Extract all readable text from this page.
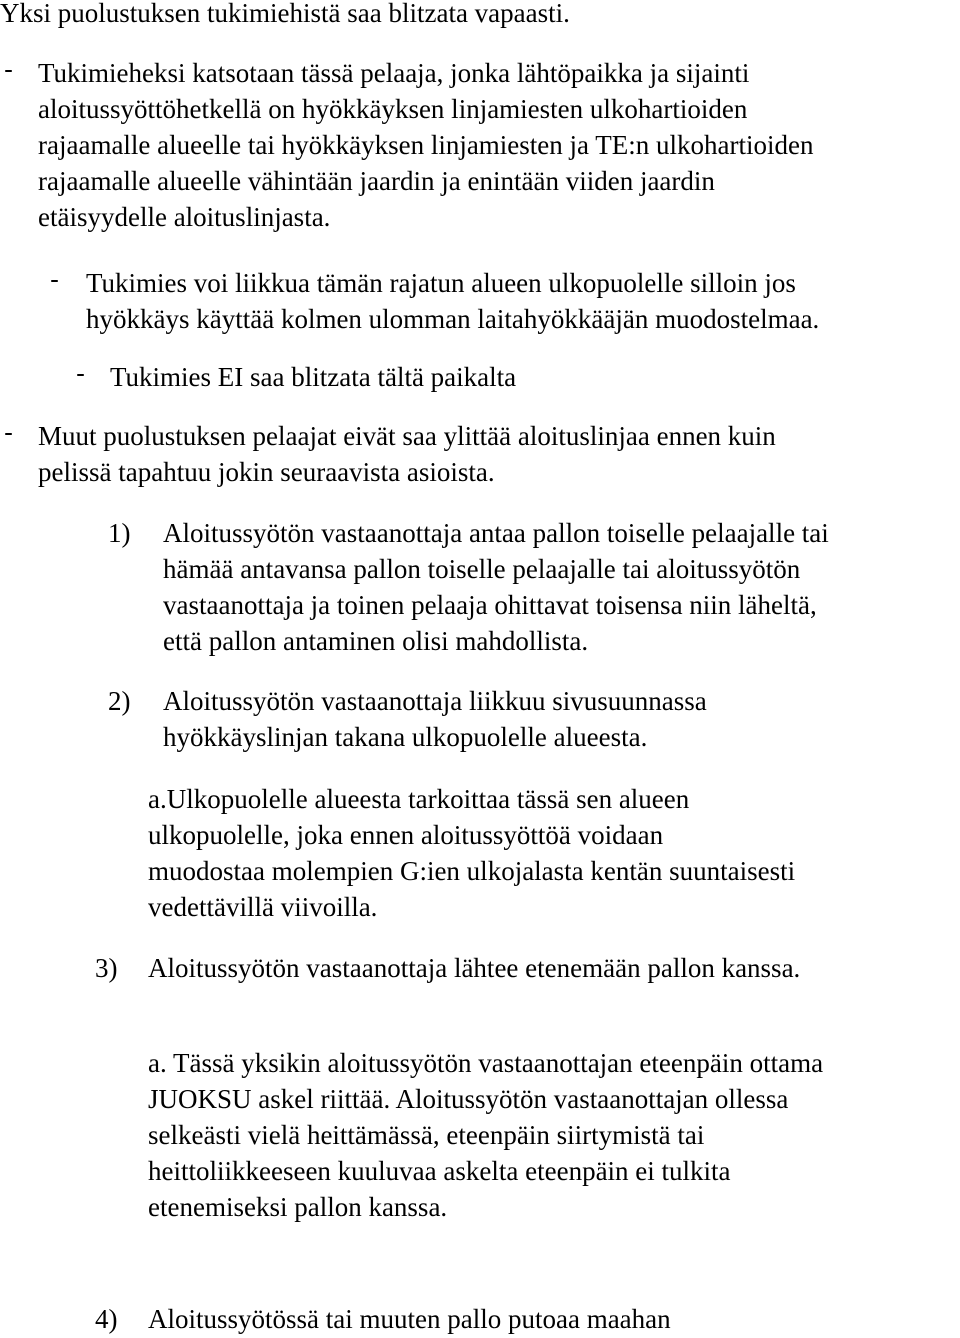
Yksi puolustuksen tukimiehistä saa blitzata vapaasti.
- Tukimieheksi katsotaan tässä pelaaja, jonka lähtöpaikka ja sijainti
aloitussyöttöhetkellä on hyökkäyksen linjamiesten ulkohartioiden
rajaamalle alueelle tai hyökkäyksen linjamiesten ja TE:n ulkohartioiden
rajaamalle alueelle vähintään jaardin ja enintään viiden jaardin
etäisyydelle aloituslinjasta.
- Tukimies voi liikkua tämän rajatun alueen ulkopuolelle silloin jos
hyökkäys käyttää kolmen ulomman laitahyökkääjän muodostelmaa.
- Tukimies EI saa blitzata tältä paikalta
- Muut puolustuksen pelaajat eivät saa ylittää aloituslinjaa ennen kuin
pelissä tapahtuu jokin seuraavista asioista.
1) Aloitussyötön vastaanottaja antaa pallon toiselle pelaajalle tai
hämää antavansa pallon toiselle pelaajalle tai aloitussyötön
vastaanottaja ja toinen pelaaja ohittavat toisensa niin läheltä,
että pallon antaminen olisi mahdollista.
2) Aloitussyötön vastaanottaja liikkuu sivusuunnassa
hyökkäyslinjan takana ulkopuolelle alueesta.
a.Ulkopuolelle alueesta tarkoittaa tässä sen alueen
ulkopuolelle, joka ennen aloitussyöttöä voidaan
muodostaa molempien G:ien ulkojalasta kentän suuntaisesti
vedettävillä viivoilla.
3) Aloitussyötön vastaanottaja lähtee etenemään pallon kanssa.
a. Tässä yksikin aloitussyötön vastaanottajan eteenpäin ottama
JUOKSU askel riittää. Aloitussyötön vastaanottajan ollessa
selkeästi vielä heittämässä, eteenpäin siirtymistä tai
heittoliikkeeseen kuuluvaa askelta eteenpäin ei tulkita
etenemiseksi pallon kanssa.
4) Aloitussyötössä tai muuten pallo putoaa maahan
